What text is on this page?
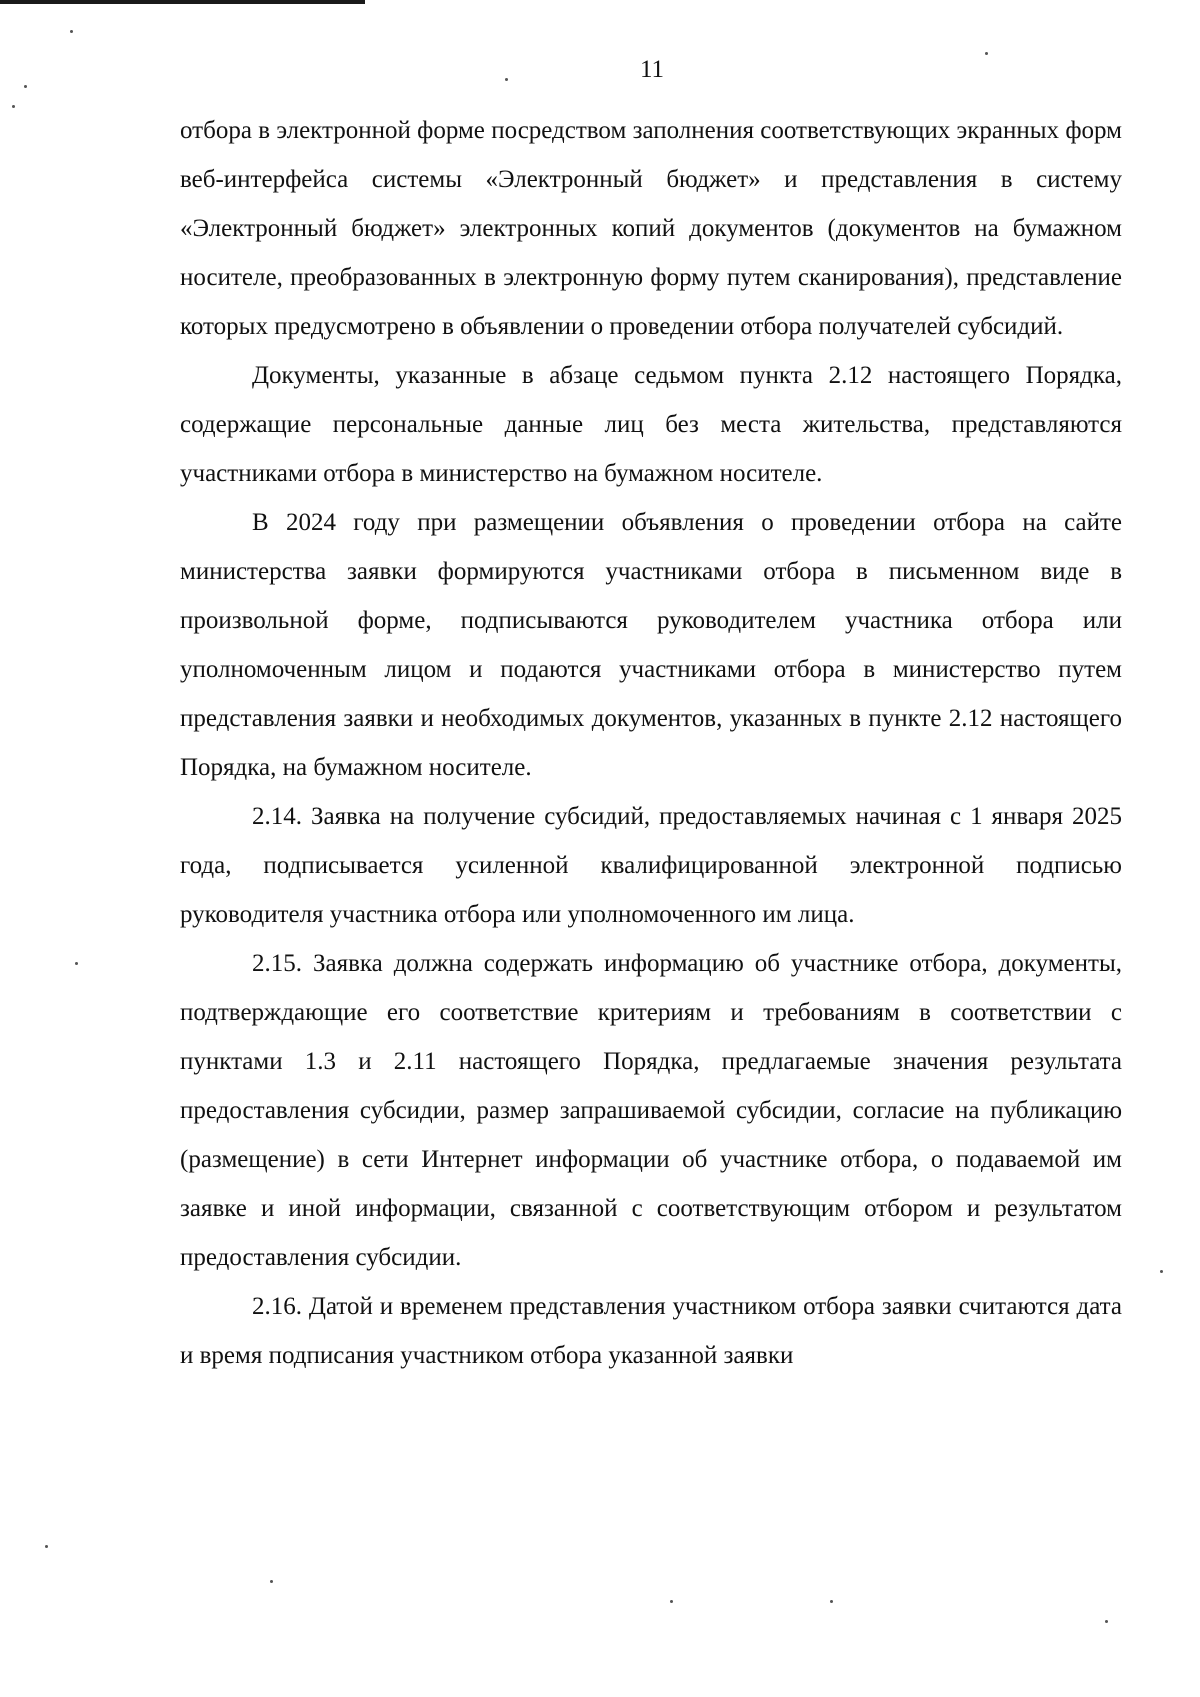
11

отбора в электронной форме посредством заполнения соответствующих экранных форм веб-интерфейса системы «Электронный бюджет» и представления в систему «Электронный бюджет» электронных копий документов (документов на бумажном носителе, преобразованных в электронную форму путем сканирования), представление которых предусмотрено в объявлении о проведении отбора получателей субсидий.

Документы, указанные в абзаце седьмом пункта 2.12 настоящего Порядка, содержащие персональные данные лиц без места жительства, представляются участниками отбора в министерство на бумажном носителе.

В 2024 году при размещении объявления о проведении отбора на сайте министерства заявки формируются участниками отбора в письменном виде в произвольной форме, подписываются руководителем участника отбора или уполномоченным лицом и подаются участниками отбора в министерство путем представления заявки и необходимых документов, указанных в пункте 2.12 настоящего Порядка, на бумажном носителе.

2.14. Заявка на получение субсидий, предоставляемых начиная с 1 января 2025 года, подписывается усиленной квалифицированной электронной подписью руководителя участника отбора или уполномоченного им лица.

2.15. Заявка должна содержать информацию об участнике отбора, документы, подтверждающие его соответствие критериям и требованиям в соответствии с пунктами 1.3 и 2.11 настоящего Порядка, предлагаемые значения результата предоставления субсидии, размер запрашиваемой субсидии, согласие на публикацию (размещение) в сети Интернет информации об участнике отбора, о подаваемой им заявке и иной информации, связанной с соответствующим отбором и результатом предоставления субсидии.

2.16. Датой и временем представления участником отбора заявки считаются дата и время подписания участником отбора указанной заявки
